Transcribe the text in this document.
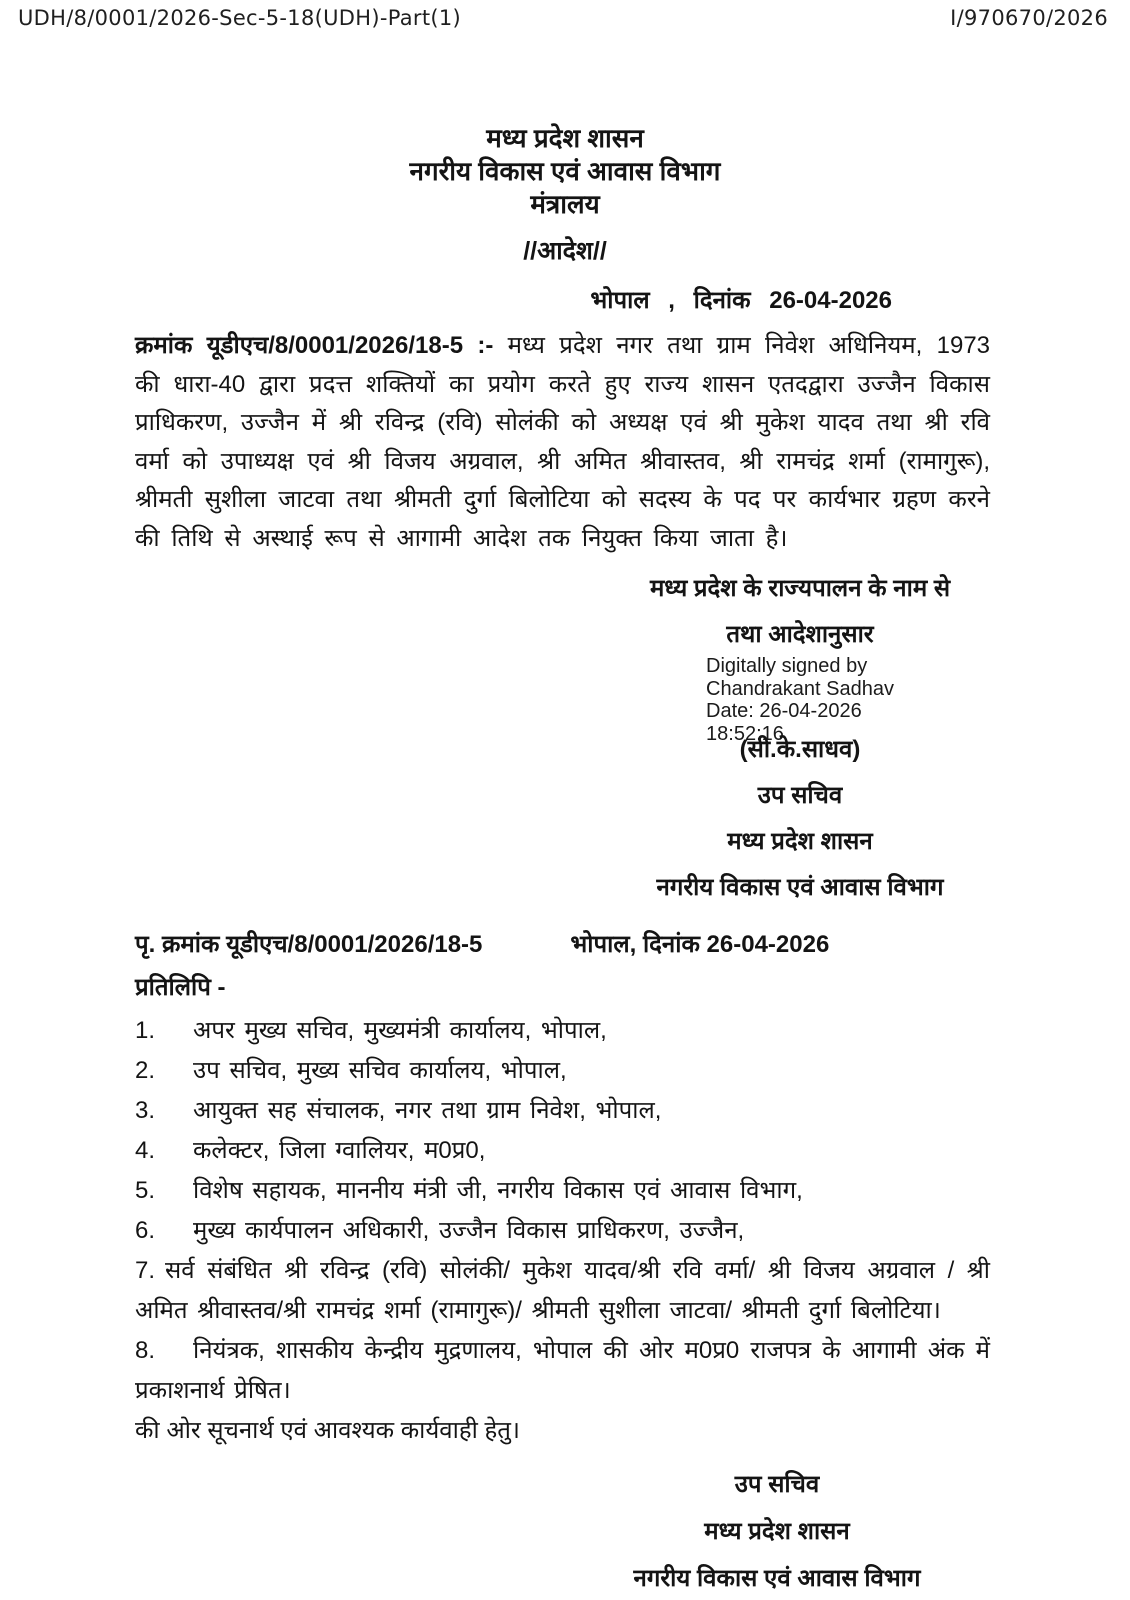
UDH/8/0001/2026-Sec-5-18(UDH)-Part(1)	I/970670/2026
मध्य प्रदेश शासन
नगरीय विकास एवं आवास विभाग
मंत्रालय
//आदेश//
भोपाल , दिनांक 26-04-2026

क्रमांक यूडीएच/8/0001/2026/18-5 :- मध्य प्रदेश नगर तथा ग्राम निवेश अधिनियम, 1973 की धारा-40 द्वारा प्रदत्त शक्तियों का प्रयोग करते हुए राज्य शासन एतदद्वारा उज्जैन विकास प्राधिकरण, उज्जैन में श्री रविन्द्र (रवि) सोलंकी को अध्यक्ष एवं श्री मुकेश यादव तथा श्री रवि वर्मा को उपाध्यक्ष एवं श्री विजय अग्रवाल, श्री अमित श्रीवास्तव, श्री रामचंद्र शर्मा (रामागुरू), श्रीमती सुशीला जाटवा तथा श्रीमती दुर्गा बिलोटिया को सदस्य के पद पर कार्यभार ग्रहण करने की तिथि से अस्थाई रूप से आगामी आदेश तक नियुक्त किया जाता है।

मध्य प्रदेश के राज्यपालन के नाम से
तथा आदेशानुसार
Digitally signed by
Chandrakant Sadhav
Date: 26-04-2026
18:52:16
(सी.के.साधव)
उप सचिव
मध्य प्रदेश शासन
नगरीय विकास एवं आवास विभाग
पृ. क्रमांक यूडीएच/8/0001/2026/18-5	भोपाल, दिनांक 26-04-2026
प्रतिलिपि -

1. अपर मुख्य सचिव, मुख्यमंत्री कार्यालय, भोपाल,

2. उप सचिव, मुख्य सचिव कार्यालय, भोपाल,

3. आयुक्त सह संचालक, नगर तथा ग्राम निवेश, भोपाल,

4. कलेक्टर, जिला ग्वालियर, म0प्र0,

5. विशेष सहायक, माननीय मंत्री जी, नगरीय विकास एवं आवास विभाग,

6. मुख्य कार्यपालन अधिकारी, उज्जैन विकास प्राधिकरण, उज्जैन,

7. सर्व संबंधित श्री रविन्द्र (रवि) सोलंकी/ मुकेश यादव/श्री रवि वर्मा/ श्री विजय अग्रवाल / श्री अमित श्रीवास्तव/श्री रामचंद्र शर्मा (रामागुरू)/ श्रीमती सुशीला जाटवा/ श्रीमती दुर्गा बिलोटिया।

8. नियंत्रक, शासकीय केन्द्रीय मुद्रणालय, भोपाल की ओर म0प्र0 राजपत्र के आगामी अंक में प्रकाशनार्थ प्रेषित।

की ओर सूचनार्थ एवं आवश्यक कार्यवाही हेतु।

उप सचिव
मध्य प्रदेश शासन
नगरीय विकास एवं आवास विभाग
